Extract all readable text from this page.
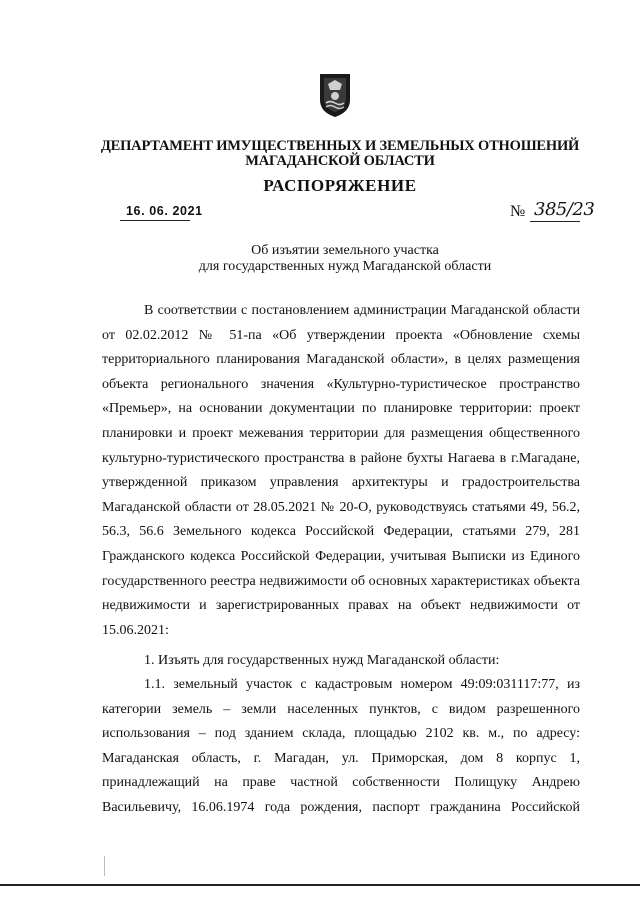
ДЕПАРТАМЕНТ ИМУЩЕСТВЕННЫХ И ЗЕМЕЛЬНЫХ ОТНОШЕНИЙ
МАГАДАНСКОЙ ОБЛАСТИ
РАСПОРЯЖЕНИЕ
16. 06. 2021	№ 385/23
Об изъятии земельного участка
для государственных нужд Магаданской области

В соответствии с постановлением администрации Магаданской области от 02.02.2012 № 51-па «Об утверждении проекта «Обновление схемы территориального планирования Магаданской области», в целях размещения объекта регионального значения «Культурно-туристическое пространство «Премьер», на основании документации по планировке территории: проект планировки и проект межевания территории для размещения общественного культурно-туристического пространства в районе бухты Нагаева в г.Магадане, утвержденной приказом управления архитектуры и градостроительства Магаданской области от 28.05.2021 № 20-О, руководствуясь статьями 49, 56.2, 56.3, 56.6 Земельного кодекса Российской Федерации, статьями 279, 281 Гражданского кодекса Российской Федерации, учитывая Выписки из Единого государственного реестра недвижимости об основных характеристиках объекта недвижимости и зарегистрированных правах на объект недвижимости от 15.06.2021:

1. Изъять для государственных нужд Магаданской области:

1.1. земельный участок с кадастровым номером 49:09:031117:77, из категории земель – земли населенных пунктов, с видом разрешенного использования – под зданием склада, площадью 2102 кв. м., по адресу: Магаданская область, г. Магадан, ул. Приморская, дом 8 корпус 1, принадлежащий на праве частной собственности Полищуку Андрею Васильевичу, 16.06.1974 года рождения, паспорт гражданина Российской
